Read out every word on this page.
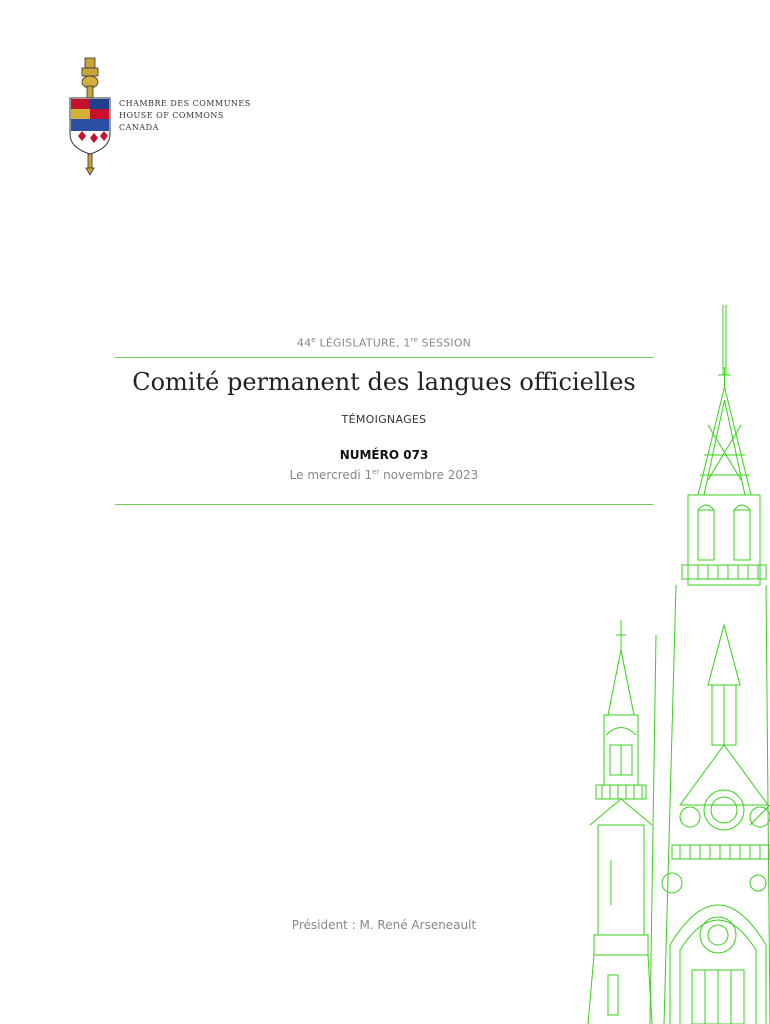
CHAMBRE DES COMMUNES
HOUSE OF COMMONS
CANADA
44e LÉGISLATURE, 1re SESSION
Comité permanent des langues officielles
TÉMOIGNAGES
NUMÉRO 073
Le mercredi 1er novembre 2023
Président : M. René Arseneault
